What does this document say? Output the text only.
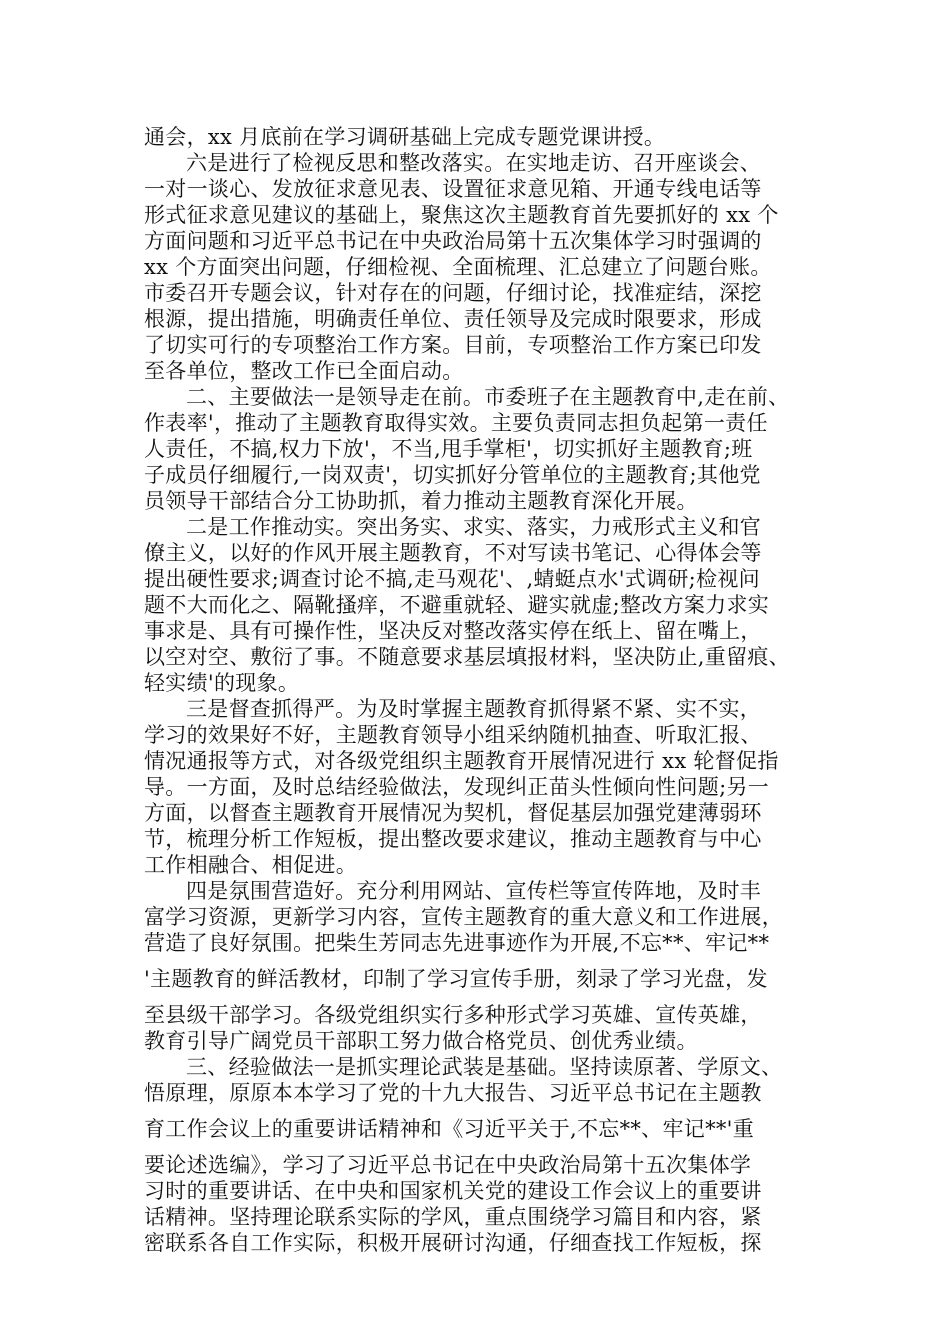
通会，xx 月底前在学习调研基础上完成专题党课讲授。
六是进行了检视反思和整改落实。在实地走访、召开座谈会、
一对一谈心、发放征求意见表、设置征求意见箱、开通专线电话等
形式征求意见建议的基础上，聚焦这次主题教育首先要抓好的 xx 个
方面问题和习近平总书记在中央政治局第十五次集体学习时强调的
xx 个方面突出问题，仔细检视、全面梳理、汇总建立了问题台账。
市委召开专题会议，针对存在的问题，仔细讨论，找准症结，深挖
根源，提出措施，明确责任单位、责任领导及完成时限要求，形成
了切实可行的专项整治工作方案。目前，专项整治工作方案已印发
至各单位，整改工作已全面启动。
二、主要做法一是领导走在前。市委班子在主题教育中,走在前、
作表率'，推动了主题教育取得实效。主要负责同志担负起第一责任
人责任，不搞,权力下放'，不当,甩手掌柜'，切实抓好主题教育;班
子成员仔细履行,一岗双责'，切实抓好分管单位的主题教育;其他党
员领导干部结合分工协助抓，着力推动主题教育深化开展。
二是工作推动实。突出务实、求实、落实，力戒形式主义和官
僚主义，以好的作风开展主题教育，不对写读书笔记、心得体会等
提出硬性要求;调查讨论不搞,走马观花'、,蜻蜓点水'式调研;检视问
题不大而化之、隔靴搔痒，不避重就轻、避实就虚;整改方案力求实
事求是、具有可操作性，坚决反对整改落实停在纸上、留在嘴上，
以空对空、敷衍了事。不随意要求基层填报材料，坚决防止,重留痕、
轻实绩'的现象。
三是督查抓得严。为及时掌握主题教育抓得紧不紧、实不实，
学习的效果好不好，主题教育领导小组采纳随机抽查、听取汇报、
情况通报等方式，对各级党组织主题教育开展情况进行 xx 轮督促指
导。一方面，及时总结经验做法，发现纠正苗头性倾向性问题;另一
方面，以督查主题教育开展情况为契机，督促基层加强党建薄弱环
节，梳理分析工作短板，提出整改要求建议，推动主题教育与中心
工作相融合、相促进。
四是氛围营造好。充分利用网站、宣传栏等宣传阵地，及时丰
富学习资源，更新学习内容，宣传主题教育的重大意义和工作进展，
营造了良好氛围。把柴生芳同志先进事迹作为开展,不忘**、牢记**
'主题教育的鲜活教材，印制了学习宣传手册，刻录了学习光盘，发
至县级干部学习。各级党组织实行多种形式学习英雄、宣传英雄，
教育引导广阔党员干部职工努力做合格党员、创优秀业绩。
三、经验做法一是抓实理论武装是基础。坚持读原著、学原文、
悟原理，原原本本学习了党的十九大报告、习近平总书记在主题教
育工作会议上的重要讲话精神和《习近平关于,不忘**、牢记**'重
要论述选编》，学习了习近平总书记在中央政治局第十五次集体学
习时的重要讲话、在中央和国家机关党的建设工作会议上的重要讲
话精神。坚持理论联系实际的学风，重点围绕学习篇目和内容，紧
密联系各自工作实际，积极开展研讨沟通，仔细查找工作短板，探
